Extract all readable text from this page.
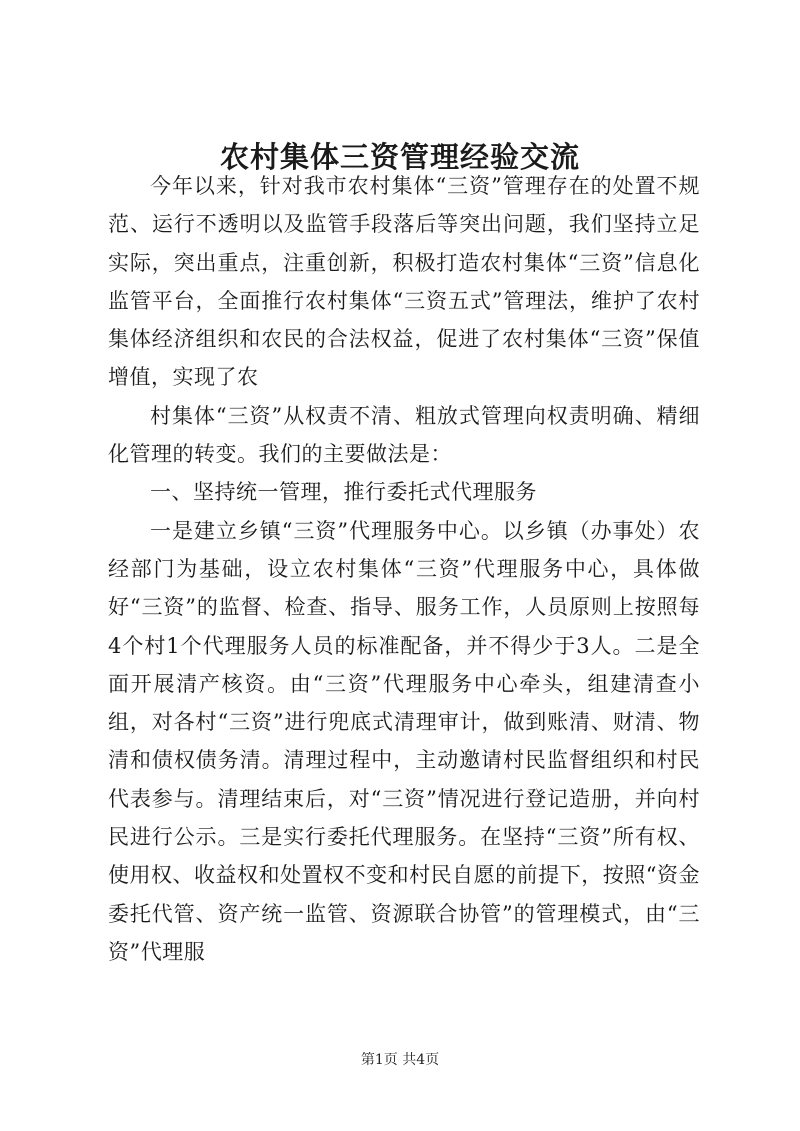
农村集体三资管理经验交流

今年以来，针对我市农村集体“三资”管理存在的处置不规范、运行不透明以及监管手段落后等突出问题，我们坚持立足实际，突出重点，注重创新，积极打造农村集体“三资”信息化监管平台，全面推行农村集体“三资五式”管理法，维护了农村集体经济组织和农民的合法权益，促进了农村集体“三资”保值增值，实现了农

村集体“三资”从权责不清、粗放式管理向权责明确、精细化管理的转变。我们的主要做法是：

一、坚持统一管理，推行委托式代理服务

一是建立乡镇“三资”代理服务中心。以乡镇（办事处）农经部门为基础，设立农村集体“三资”代理服务中心，具体做好“三资”的监督、检查、指导、服务工作，人员原则上按照每4个村1个代理服务人员的标准配备，并不得少于3人。二是全面开展清产核资。由“三资”代理服务中心牵头，组建清查小组，对各村“三资”进行兜底式清理审计，做到账清、财清、物清和债权债务清。清理过程中，主动邀请村民监督组织和村民代表参与。清理结束后，对“三资”情况进行登记造册，并向村民进行公示。三是实行委托代理服务。在坚持“三资”所有权、使用权、收益权和处置权不变和村民自愿的前提下，按照“资金委托代管、资产统一监管、资源联合协管”的管理模式，由“三资”代理服

第1页 共4页
